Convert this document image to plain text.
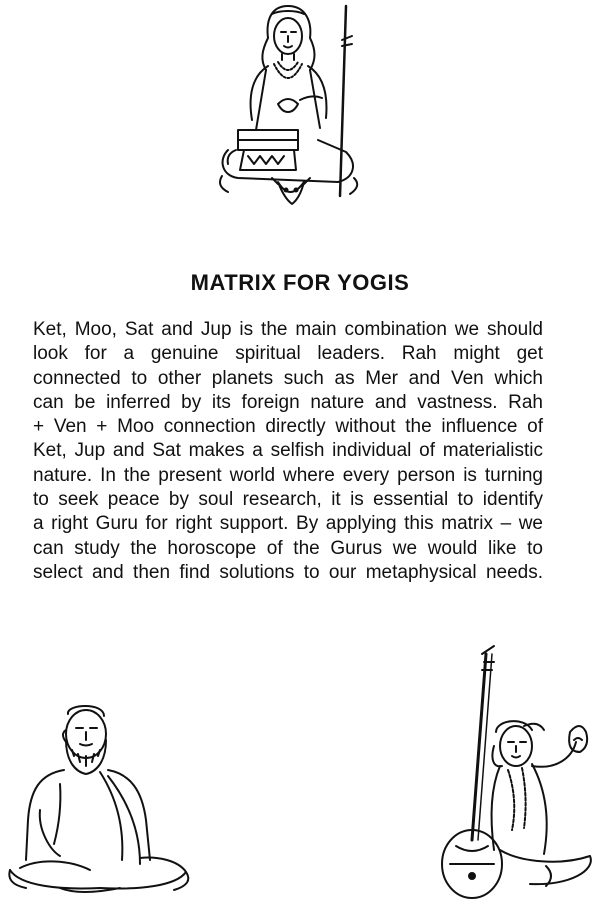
MATRIX FOR YOGIS
Ket, Moo, Sat and Jup is the main combination we should
look for a genuine spiritual leaders. Rah might get
connected to other planets such as Mer and Ven which
can be inferred by its foreign nature and vastness. Rah
+ Ven + Moo connection directly without the influence of
Ket, Jup and Sat makes a selfish individual of materialistic
nature. In the present world where every person is turning
to seek peace by soul research, it is essential to identify
a right Guru for right support. By applying this matrix – we
can study the horoscope of the Gurus we would like to
select and then find solutions to our metaphysical needs.
